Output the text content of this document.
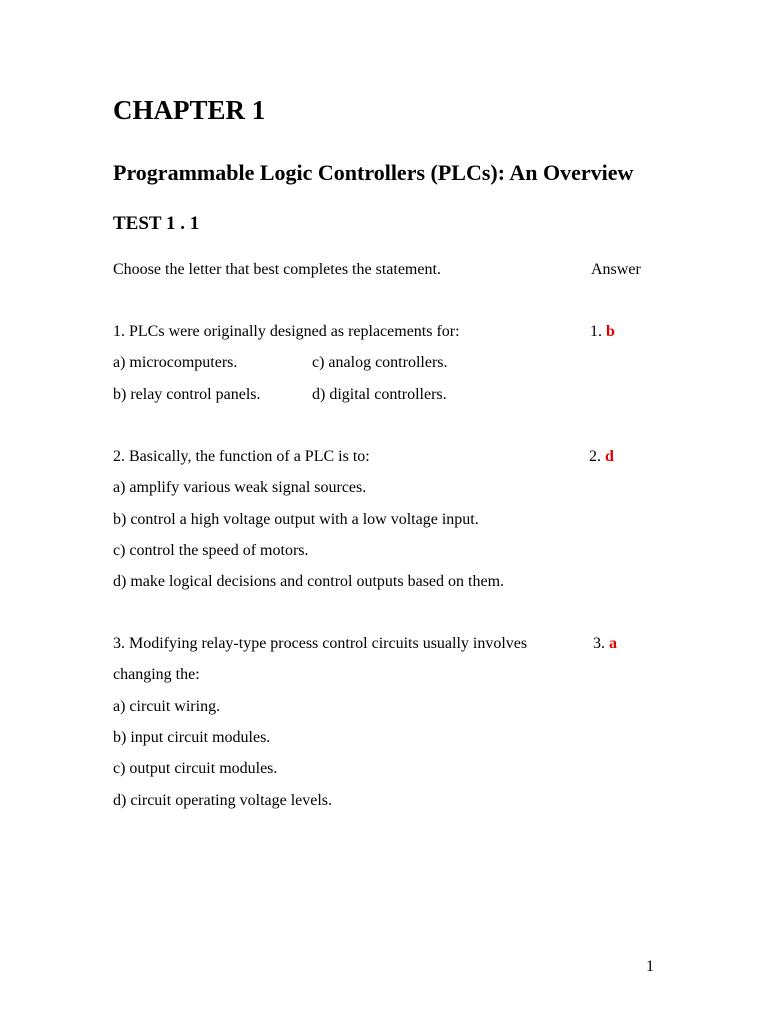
CHAPTER 1
Programmable Logic Controllers (PLCs): An Overview
TEST 1 . 1
Choose the letter that best completes the statement.	Answer
1. PLCs were originally designed as replacements for:	1. b
a) microcomputers.	c) analog controllers.
b) relay control panels.	d) digital controllers.
2. Basically, the function of a PLC is to:	2. d
a) amplify various weak signal sources.
b) control a high voltage output with a low voltage input.
c) control the speed of motors.
d) make logical decisions and control outputs based on them.
3. Modifying relay-type process control circuits usually involves	3. a
changing the:
a) circuit wiring.
b) input circuit modules.
c) output circuit modules.
d) circuit operating voltage levels.
1
